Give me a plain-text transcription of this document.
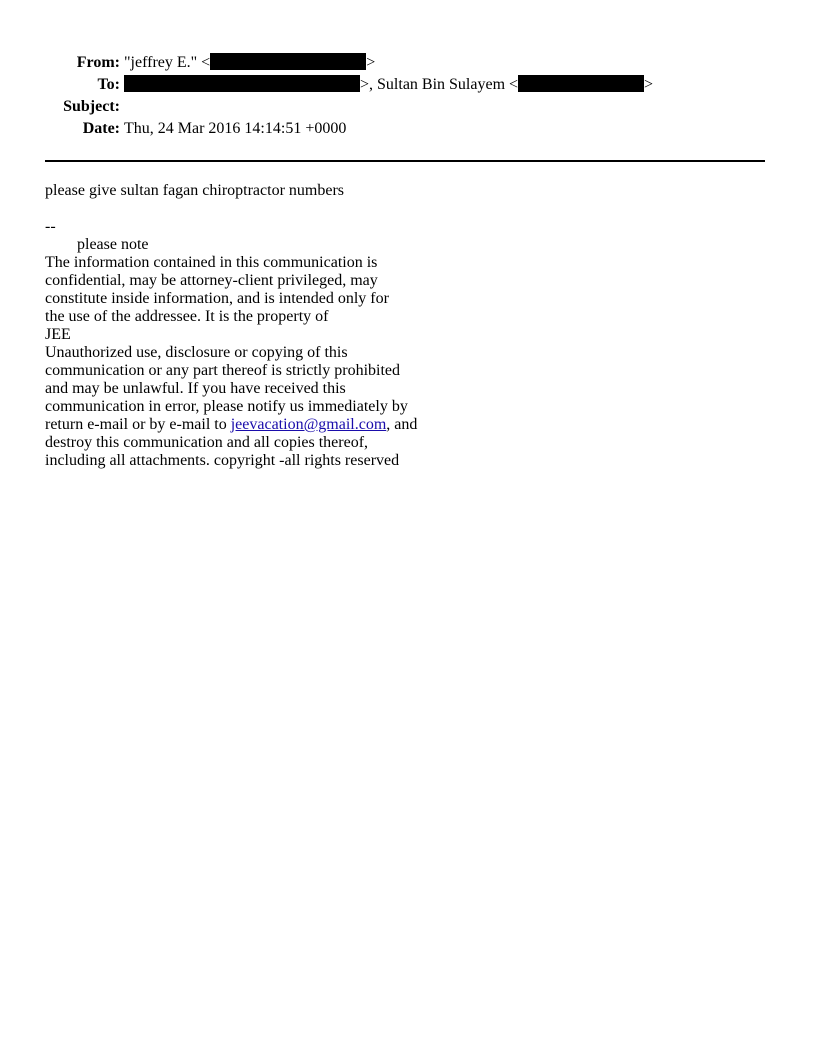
From: "jeffrey E." <	>
To:	>, Sultan Bin Sulayem <	>
Subject:
Date: Thu, 24 Mar 2016 14:14:51 +0000
please give sultan fagan chiroptractor numbers
--
please note
The information contained in this communication is
confidential, may be attorney-client privileged, may
constitute inside information, and is intended only for
the use of the addressee. It is the property of
JEE
Unauthorized use, disclosure or copying of this
communication or any part thereof is strictly prohibited
and may be unlawful. If you have received this
communication in error, please notify us immediately by
return e-mail or by e-mail to jeevacation@gmail.com, and
destroy this communication and all copies thereof,
including all attachments. copyright -all rights reserved
